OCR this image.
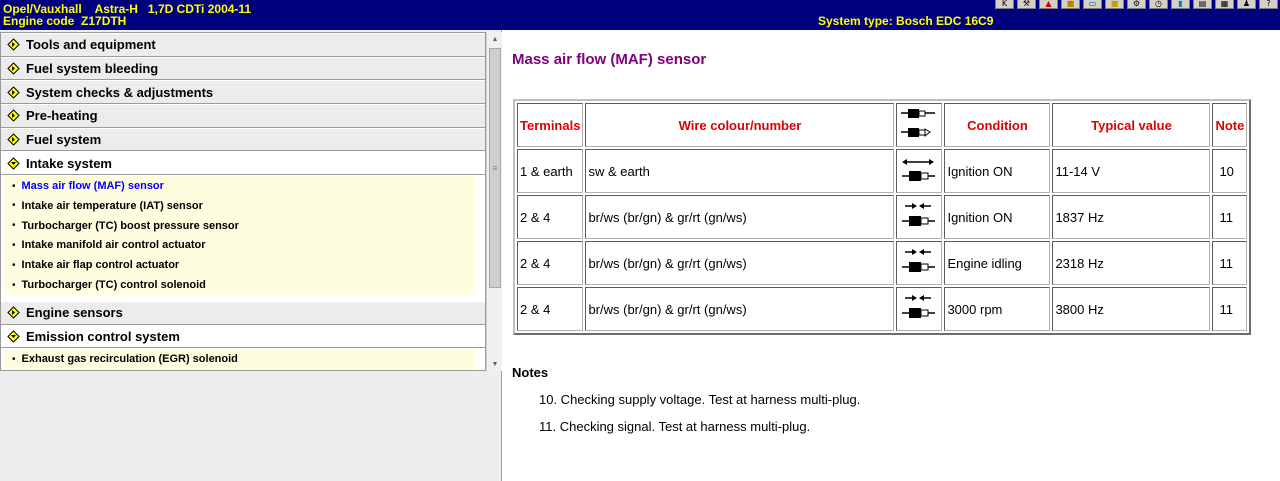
Opel/Vauxhall    Astra-H   1,7D CDTi 2004-11
Engine code  Z17DTH	System type: Bosch EDC 16C9
K ⚒ ▲ ■ ▭ ■ ⚙ ◷ ▮ ▤ ▦ ♟ ?
Tools and equipment
Fuel system bleeding
System checks & adjustments
Pre-heating
Fuel system
Intake system
• Mass air flow (MAF) sensor
• Intake air temperature (IAT) sensor
• Turbocharger (TC) boost pressure sensor
• Intake manifold air control actuator
• Intake air flap control actuator
• Turbocharger (TC) control solenoid
Engine sensors
Emission control system
• Exhaust gas recirculation (EGR) solenoid
▲
≡
▼
Mass air flow (MAF) sensor
Terminals	Wire colour/number		Condition	Typical value	Note
1 & earth	sw & earth		Ignition ON	11-14 V	10
2 & 4	br/ws (br/gn) & gr/rt (gn/ws)		Ignition ON	1837 Hz	11
2 & 4	br/ws (br/gn) & gr/rt (gn/ws)		Engine idling	2318 Hz	11
2 & 4	br/ws (br/gn) & gr/rt (gn/ws)		3000 rpm	3800 Hz	11
Notes
10. Checking supply voltage. Test at harness multi-plug.
11. Checking signal. Test at harness multi-plug.
